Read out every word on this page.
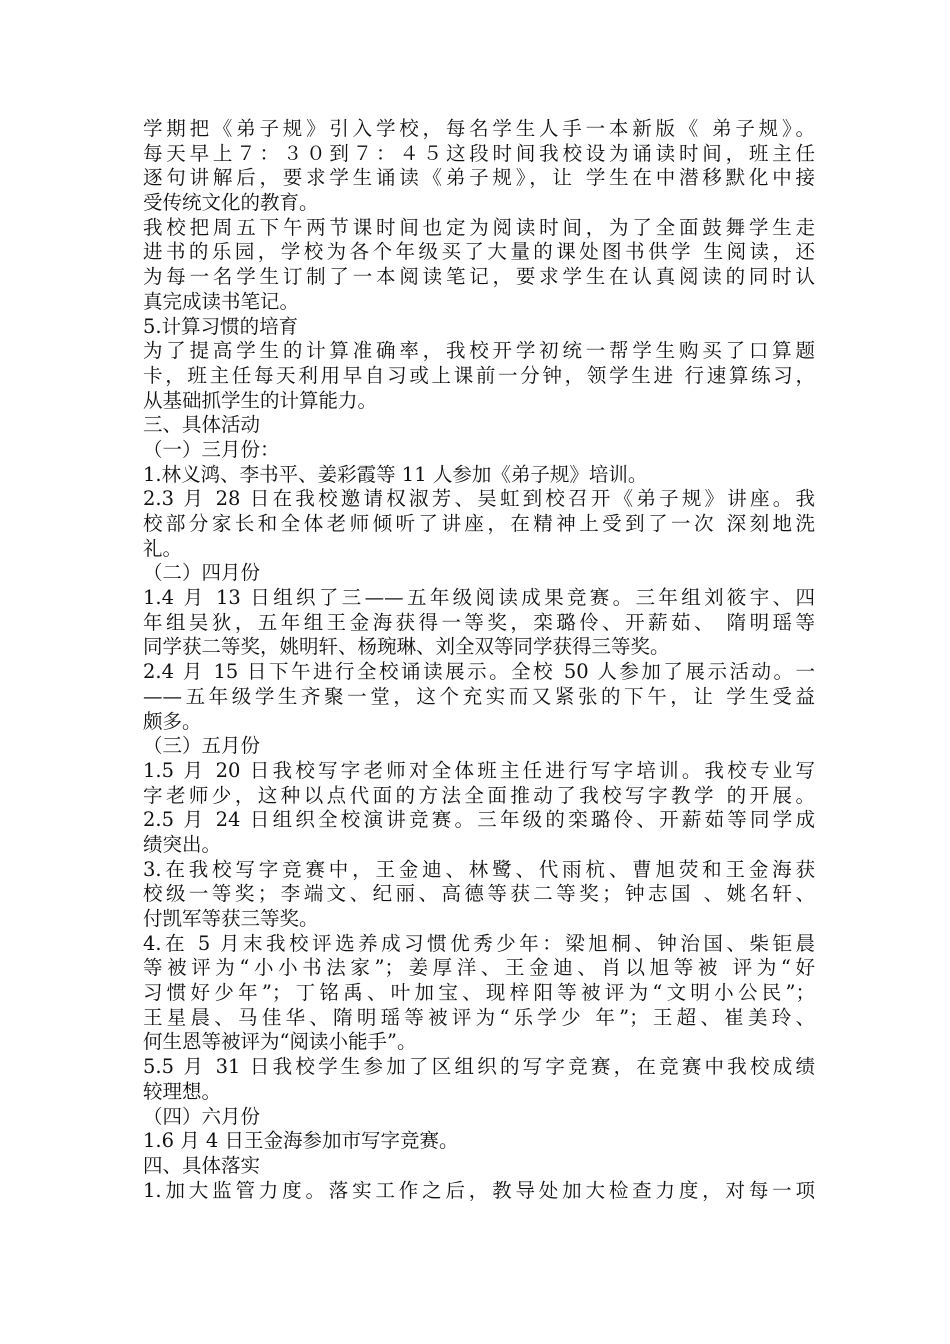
学期把《弟子规》引入学校，每名学生人手一本新版《 弟子规》。
每天早上７：３０到７：４５这段时间我校设为诵读时间，班主任
逐句讲解后，要求学生诵读《弟子规》，让 学生在中潜移默化中接
受传统文化的教育。
我校把周五下午两节课时间也定为阅读时间，为了全面鼓舞学生走
进书的乐园，学校为各个年级买了大量的课处图书供学 生阅读，还
为每一名学生订制了一本阅读笔记，要求学生在认真阅读的同时认
真完成读书笔记。
5.计算习惯的培育
为了提高学生的计算准确率，我校开学初统一帮学生购买了口算题
卡，班主任每天利用早自习或上课前一分钟，领学生进 行速算练习，
从基础抓学生的计算能力。
三、具体活动
（一）三月份：
1.林义鸿、李书平、姜彩霞等 11 人参加《弟子规》培训。
2.3 月 28 日在我校邀请权淑芳、吴虹到校召开《弟子规》讲座。我
校部分家长和全体老师倾听了讲座，在精神上受到了一次 深刻地洗
礼。
（二）四月份
1.4 月 13 日组织了三——五年级阅读成果竞赛。三年组刘筱宇、四
年组吴狄，五年组王金海获得一等奖，栾璐伶、开薪茹、 隋明瑶等
同学获二等奖，姚明轩、杨琬琳、刘全双等同学获得三等奖。
2.4 月 15 日下午进行全校诵读展示。全校 50 人参加了展示活动。一
——五年级学生齐聚一堂，这个充实而又紧张的下午，让 学生受益
颇多。
（三）五月份
1.5 月 20 日我校写字老师对全体班主任进行写字培训。我校专业写
字老师少，这种以点代面的方法全面推动了我校写字教学 的开展。
2.5 月 24 日组织全校演讲竞赛。三年级的栾璐伶、开薪茹等同学成
绩突出。
3.在我校写字竞赛中，王金迪、林鹭、代雨杭、曹旭荧和王金海获
校级一等奖；李端文、纪丽、高德等获二等奖；钟志国 、姚名轩、
付凯军等获三等奖。
4.在 5 月末我校评选养成习惯优秀少年：梁旭桐、钟治国、柴钜晨
等被评为“小小书法家”；姜厚洋、王金迪、肖以旭等被 评为“好
习惯好少年”；丁铭禹、叶加宝、现梓阳等被评为“文明小公民”；
王星晨、马佳华、隋明瑶等被评为“乐学少 年”；王超、崔美玲、
何生恩等被评为“阅读小能手”。
5.5 月 31 日我校学生参加了区组织的写字竞赛，在竞赛中我校成绩
较理想。
（四）六月份
1.6 月 4 日王金海参加市写字竞赛。
四、具体落实
1.加大监管力度。落实工作之后，教导处加大检查力度，对每一项
